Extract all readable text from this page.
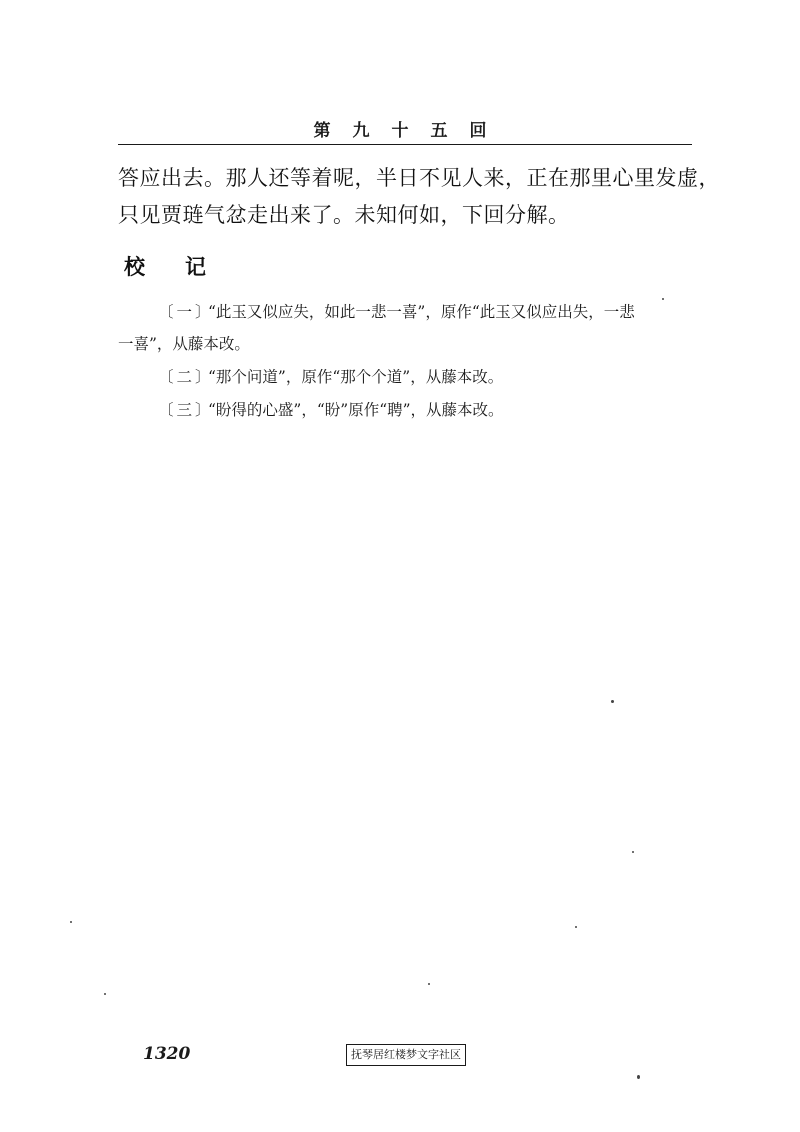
第九十五回

答应出去。那人还等着呢，半日不见人来，正在那里心里发虚，
只见贾琏气忿走出来了。未知何如，下回分解。

校记
〔一〕“此玉又似应失，如此一悲一喜”，原作“此玉又似应出失，一悲
一喜”，从藤本改。
〔二〕“那个问道”，原作“那个个道”，从藤本改。
〔三〕“盼得的心盛”，“盼”原作“聘”，从藤本改。
1320	抚琴居红楼梦文字社区
